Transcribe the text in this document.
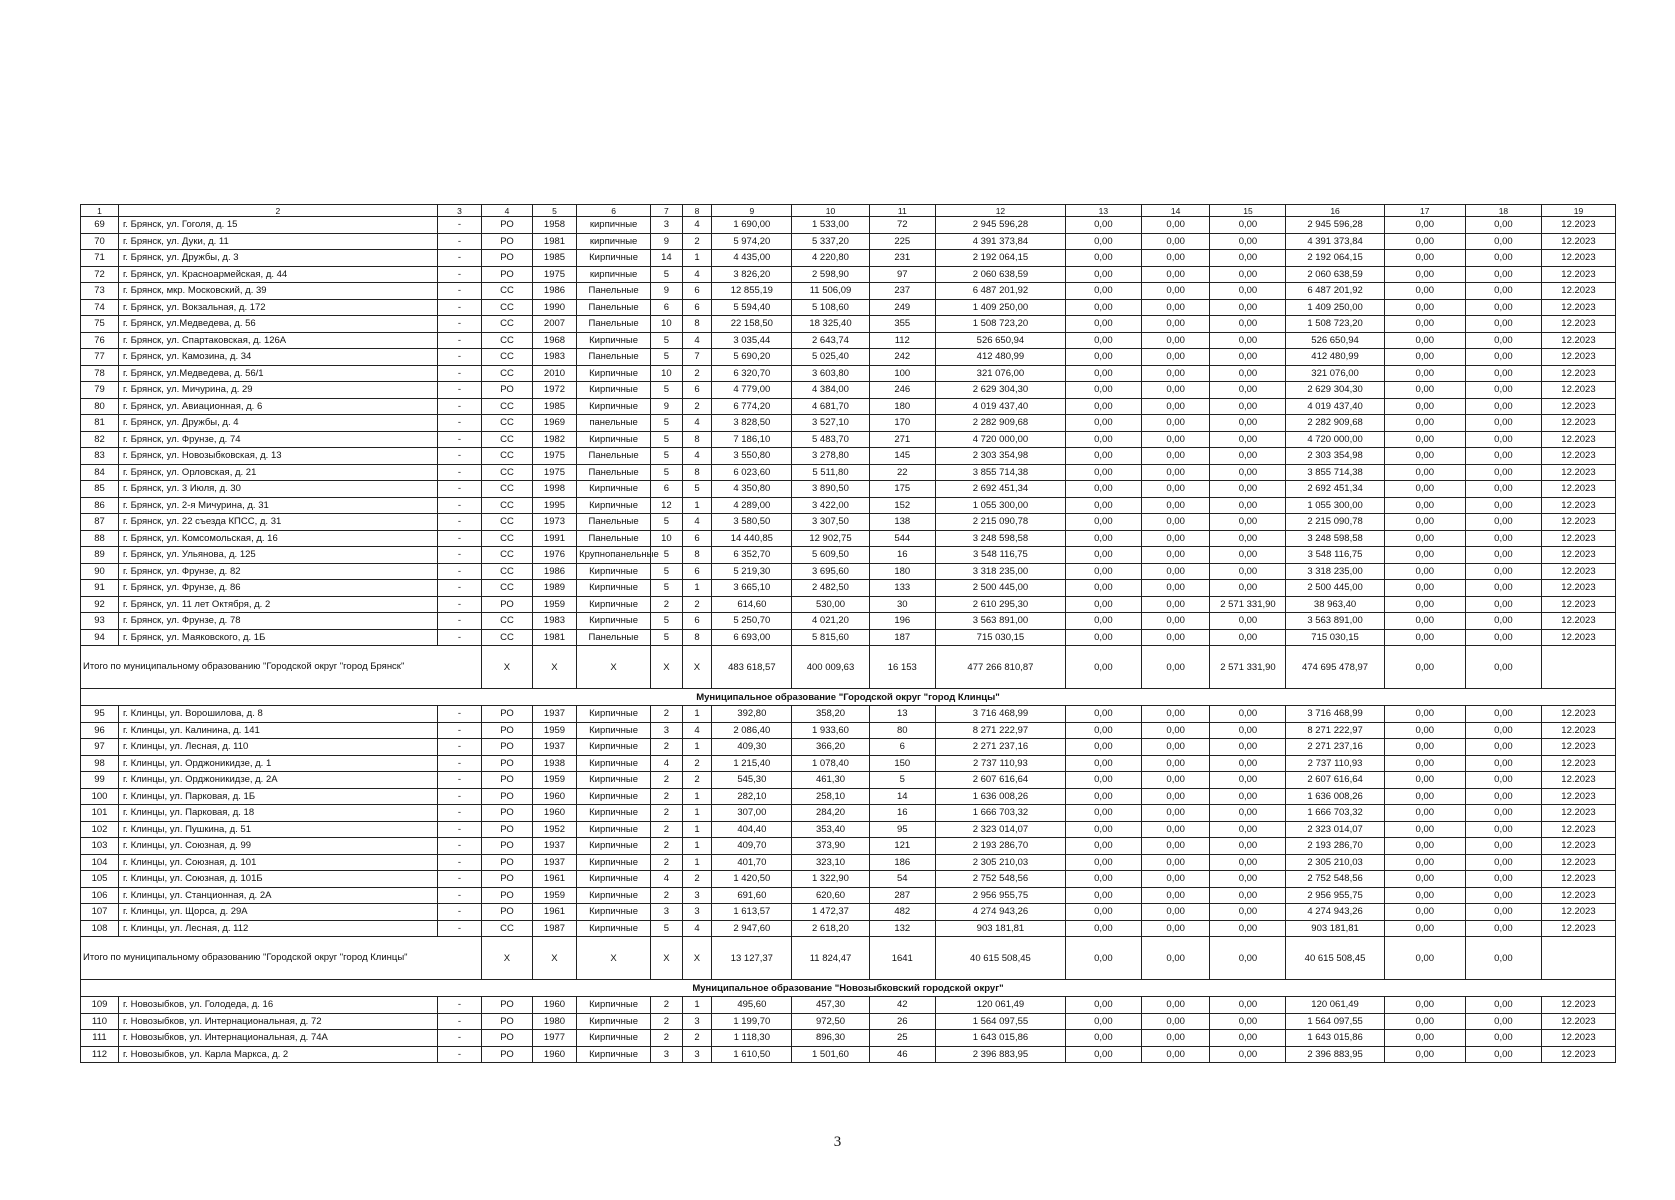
1	2	3	4	5	6	7	8	9	10	11	12	13	14	15	16	17	18	19
69	г. Брянск, ул. Гоголя, д. 15	-	РО	1958	кирпичные	3	4	1 690,00	1 533,00	72	2 945 596,28	0,00	0,00	0,00	2 945 596,28	0,00	0,00	12.2023
70	г. Брянск, ул. Дуки, д. 11	-	РО	1981	кирпичные	9	2	5 974,20	5 337,20	225	4 391 373,84	0,00	0,00	0,00	4 391 373,84	0,00	0,00	12.2023
71	г. Брянск, ул. Дружбы, д. 3	-	РО	1985	Кирпичные	14	1	4 435,00	4 220,80	231	2 192 064,15	0,00	0,00	0,00	2 192 064,15	0,00	0,00	12.2023
72	г. Брянск, ул. Красноармейская, д. 44	-	РО	1975	кирпичные	5	4	3 826,20	2 598,90	97	2 060 638,59	0,00	0,00	0,00	2 060 638,59	0,00	0,00	12.2023
73	г. Брянск, мкр. Московский, д. 39	-	СС	1986	Панельные	9	6	12 855,19	11 506,09	237	6 487 201,92	0,00	0,00	0,00	6 487 201,92	0,00	0,00	12.2023
74	г. Брянск, ул. Вокзальная, д. 172	-	СС	1990	Панельные	6	6	5 594,40	5 108,60	249	1 409 250,00	0,00	0,00	0,00	1 409 250,00	0,00	0,00	12.2023
75	г. Брянск, ул.Медведева, д. 56	-	СС	2007	Панельные	10	8	22 158,50	18 325,40	355	1 508 723,20	0,00	0,00	0,00	1 508 723,20	0,00	0,00	12.2023
76	г. Брянск, ул. Спартаковская, д. 126А	-	СС	1968	Кирпичные	5	4	3 035,44	2 643,74	112	526 650,94	0,00	0,00	0,00	526 650,94	0,00	0,00	12.2023
77	г. Брянск, ул. Камозина, д. 34	-	СС	1983	Панельные	5	7	5 690,20	5 025,40	242	412 480,99	0,00	0,00	0,00	412 480,99	0,00	0,00	12.2023
78	г. Брянск, ул.Медведева, д. 56/1	-	СС	2010	Кирпичные	10	2	6 320,70	3 603,80	100	321 076,00	0,00	0,00	0,00	321 076,00	0,00	0,00	12.2023
79	г. Брянск, ул. Мичурина, д. 29	-	РО	1972	Кирпичные	5	6	4 779,00	4 384,00	246	2 629 304,30	0,00	0,00	0,00	2 629 304,30	0,00	0,00	12.2023
80	г. Брянск, ул. Авиационная, д. 6	-	СС	1985	Кирпичные	9	2	6 774,20	4 681,70	180	4 019 437,40	0,00	0,00	0,00	4 019 437,40	0,00	0,00	12.2023
81	г. Брянск, ул. Дружбы, д. 4	-	СС	1969	панельные	5	4	3 828,50	3 527,10	170	2 282 909,68	0,00	0,00	0,00	2 282 909,68	0,00	0,00	12.2023
82	г. Брянск, ул. Фрунзе, д. 74	-	СС	1982	Кирпичные	5	8	7 186,10	5 483,70	271	4 720 000,00	0,00	0,00	0,00	4 720 000,00	0,00	0,00	12.2023
83	г. Брянск, ул. Новозыбковская, д. 13	-	СС	1975	Панельные	5	4	3 550,80	3 278,80	145	2 303 354,98	0,00	0,00	0,00	2 303 354,98	0,00	0,00	12.2023
84	г. Брянск, ул. Орловская, д. 21	-	СС	1975	Панельные	5	8	6 023,60	5 511,80	22	3 855 714,38	0,00	0,00	0,00	3 855 714,38	0,00	0,00	12.2023
85	г. Брянск, ул. 3 Июля, д. 30	-	СС	1998	Кирпичные	6	5	4 350,80	3 890,50	175	2 692 451,34	0,00	0,00	0,00	2 692 451,34	0,00	0,00	12.2023
86	г. Брянск, ул. 2-я Мичурина, д. 31	-	СС	1995	Кирпичные	12	1	4 289,00	3 422,00	152	1 055 300,00	0,00	0,00	0,00	1 055 300,00	0,00	0,00	12.2023
87	г. Брянск, ул. 22 съезда КПСС, д. 31	-	СС	1973	Панельные	5	4	3 580,50	3 307,50	138	2 215 090,78	0,00	0,00	0,00	2 215 090,78	0,00	0,00	12.2023
88	г. Брянск, ул. Комсомольская, д. 16	-	СС	1991	Панельные	10	6	14 440,85	12 902,75	544	3 248 598,58	0,00	0,00	0,00	3 248 598,58	0,00	0,00	12.2023
89	г. Брянск, ул. Ульянова, д. 125	-	СС	1976	Крупнопанельные	5	8	6 352,70	5 609,50	16	3 548 116,75	0,00	0,00	0,00	3 548 116,75	0,00	0,00	12.2023
90	г. Брянск, ул. Фрунзе, д. 82	-	СС	1986	Кирпичные	5	6	5 219,30	3 695,60	180	3 318 235,00	0,00	0,00	0,00	3 318 235,00	0,00	0,00	12.2023
91	г. Брянск, ул. Фрунзе, д. 86	-	СС	1989	Кирпичные	5	1	3 665,10	2 482,50	133	2 500 445,00	0,00	0,00	0,00	2 500 445,00	0,00	0,00	12.2023
92	г. Брянск, ул. 11 лет Октября, д. 2	-	РО	1959	Кирпичные	2	2	614,60	530,00	30	2 610 295,30	0,00	0,00	2 571 331,90	38 963,40	0,00	0,00	12.2023
93	г. Брянск, ул. Фрунзе, д. 78	-	СС	1983	Кирпичные	5	6	5 250,70	4 021,20	196	3 563 891,00	0,00	0,00	0,00	3 563 891,00	0,00	0,00	12.2023
94	г. Брянск, ул. Маяковского, д. 1Б	-	СС	1981	Панельные	5	8	6 693,00	5 815,60	187	715 030,15	0,00	0,00	0,00	715 030,15	0,00	0,00	12.2023
Итого по муниципальному образованию "Городской округ "город Брянск"			X	X	X	X	X	483 618,57	400 009,63	16 153	477 266 810,87	0,00	0,00	2 571 331,90	474 695 478,97	0,00	0,00	
Муниципальное образование "Городской округ "город Клинцы"																		
95	г. Клинцы, ул. Ворошилова, д. 8	-	РО	1937	Кирпичные	2	1	392,80	358,20	13	3 716 468,99	0,00	0,00	0,00	3 716 468,99	0,00	0,00	12.2023
96	г. Клинцы, ул. Калинина, д. 141	-	РО	1959	Кирпичные	3	4	2 086,40	1 933,60	80	8 271 222,97	0,00	0,00	0,00	8 271 222,97	0,00	0,00	12.2023
97	г. Клинцы, ул. Лесная, д. 110	-	РО	1937	Кирпичные	2	1	409,30	366,20	6	2 271 237,16	0,00	0,00	0,00	2 271 237,16	0,00	0,00	12.2023
98	г. Клинцы, ул. Орджоникидзе, д. 1	-	РО	1938	Кирпичные	4	2	1 215,40	1 078,40	150	2 737 110,93	0,00	0,00	0,00	2 737 110,93	0,00	0,00	12.2023
99	г. Клинцы, ул. Орджоникидзе, д. 2А	-	РО	1959	Кирпичные	2	2	545,30	461,30	5	2 607 616,64	0,00	0,00	0,00	2 607 616,64	0,00	0,00	12.2023
100	г. Клинцы, ул. Парковая, д. 1Б	-	РО	1960	Кирпичные	2	1	282,10	258,10	14	1 636 008,26	0,00	0,00	0,00	1 636 008,26	0,00	0,00	12.2023
101	г. Клинцы, ул. Парковая, д. 18	-	РО	1960	Кирпичные	2	1	307,00	284,20	16	1 666 703,32	0,00	0,00	0,00	1 666 703,32	0,00	0,00	12.2023
102	г. Клинцы, ул. Пушкина, д. 51	-	РО	1952	Кирпичные	2	1	404,40	353,40	95	2 323 014,07	0,00	0,00	0,00	2 323 014,07	0,00	0,00	12.2023
103	г. Клинцы, ул. Союзная, д. 99	-	РО	1937	Кирпичные	2	1	409,70	373,90	121	2 193 286,70	0,00	0,00	0,00	2 193 286,70	0,00	0,00	12.2023
104	г. Клинцы, ул. Союзная, д. 101	-	РО	1937	Кирпичные	2	1	401,70	323,10	186	2 305 210,03	0,00	0,00	0,00	2 305 210,03	0,00	0,00	12.2023
105	г. Клинцы, ул. Союзная, д. 101Б	-	РО	1961	Кирпичные	4	2	1 420,50	1 322,90	54	2 752 548,56	0,00	0,00	0,00	2 752 548,56	0,00	0,00	12.2023
106	г. Клинцы, ул. Станционная, д. 2А	-	РО	1959	Кирпичные	2	3	691,60	620,60	287	2 956 955,75	0,00	0,00	0,00	2 956 955,75	0,00	0,00	12.2023
107	г. Клинцы, ул. Щорса, д. 29А	-	РО	1961	Кирпичные	3	3	1 613,57	1 472,37	482	4 274 943,26	0,00	0,00	0,00	4 274 943,26	0,00	0,00	12.2023
108	г. Клинцы, ул. Лесная, д. 112	-	СС	1987	Кирпичные	5	4	2 947,60	2 618,20	132	903 181,81	0,00	0,00	0,00	903 181,81	0,00	0,00	12.2023
Итого по муниципальному образованию "Городской округ "город Клинцы"			X	X	X	X	X	13 127,37	11 824,47	1641	40 615 508,45	0,00	0,00	0,00	40 615 508,45	0,00	0,00	
Муниципальное образование "Новозыбковский городской округ"																		
109	г. Новозыбков, ул. Голодеда, д. 16	-	РО	1960	Кирпичные	2	1	495,60	457,30	42	120 061,49	0,00	0,00	0,00	120 061,49	0,00	0,00	12.2023
110	г. Новозыбков, ул. Интернациональная, д. 72	-	РО	1980	Кирпичные	2	3	1 199,70	972,50	26	1 564 097,55	0,00	0,00	0,00	1 564 097,55	0,00	0,00	12.2023
111	г. Новозыбков, ул. Интернациональная, д. 74А	-	РО	1977	Кирпичные	2	2	1 118,30	896,30	25	1 643 015,86	0,00	0,00	0,00	1 643 015,86	0,00	0,00	12.2023
112	г. Новозыбков, ул. Карла Маркса, д. 2	-	РО	1960	Кирпичные	3	3	1 610,50	1 501,60	46	2 396 883,95	0,00	0,00	0,00	2 396 883,95	0,00	0,00	12.2023
3
